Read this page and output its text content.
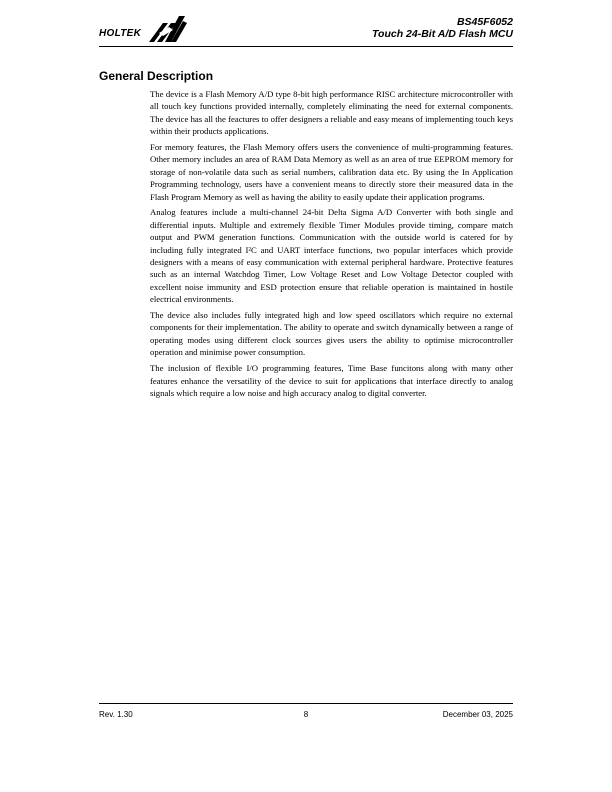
HOLTEK
BS45F6052
Touch 24-Bit A/D Flash MCU
General Description

The device is a Flash Memory A/D type 8-bit high performance RISC architecture microcontroller with all touch key functions provided internally, completely eliminating the need for external components. The device has all the feactures to offer designers a reliable and easy means of implementing touch keys within their products applications.

For memory features, the Flash Memory offers users the convenience of multi-programming features. Other memory includes an area of RAM Data Memory as well as an area of true EEPROM memory for storage of non-volatile data such as serial numbers, calibration data etc. By using the In Application Programming technology, users have a convenient means to directly store their measured data in the Flash Program Memory as well as having the ability to easily update their application programs.

Analog features include a multi-channel 24-bit Delta Sigma A/D Converter with both single and differential inputs. Multiple and extremely flexible Timer Modules provide timing, compare match output and PWM generation functions. Communication with the outside world is catered for by including fully integrated I²C and UART interface functions, two popular interfaces which provide designers with a means of easy communication with external peripheral hardware. Protective features such as an internal Watchdog Timer, Low Voltage Reset and Low Voltage Detector coupled with excellent noise immunity and ESD protection ensure that reliable operation is maintained in hostile electrical environments.

The device also includes fully integrated high and low speed oscillators which require no external components for their implementation. The ability to operate and switch dynamically between a range of operating modes using different clock sources gives users the ability to optimise microcontroller operation and minimise power consumption.

The inclusion of flexible I/O programming features, Time Base funcitons along with many other features enhance the versatility of the device to suit for applications that interface directly to analog signals which require a low noise and high accuracy analog to digital converter.

Rev. 1.30	8	December 03, 2025
